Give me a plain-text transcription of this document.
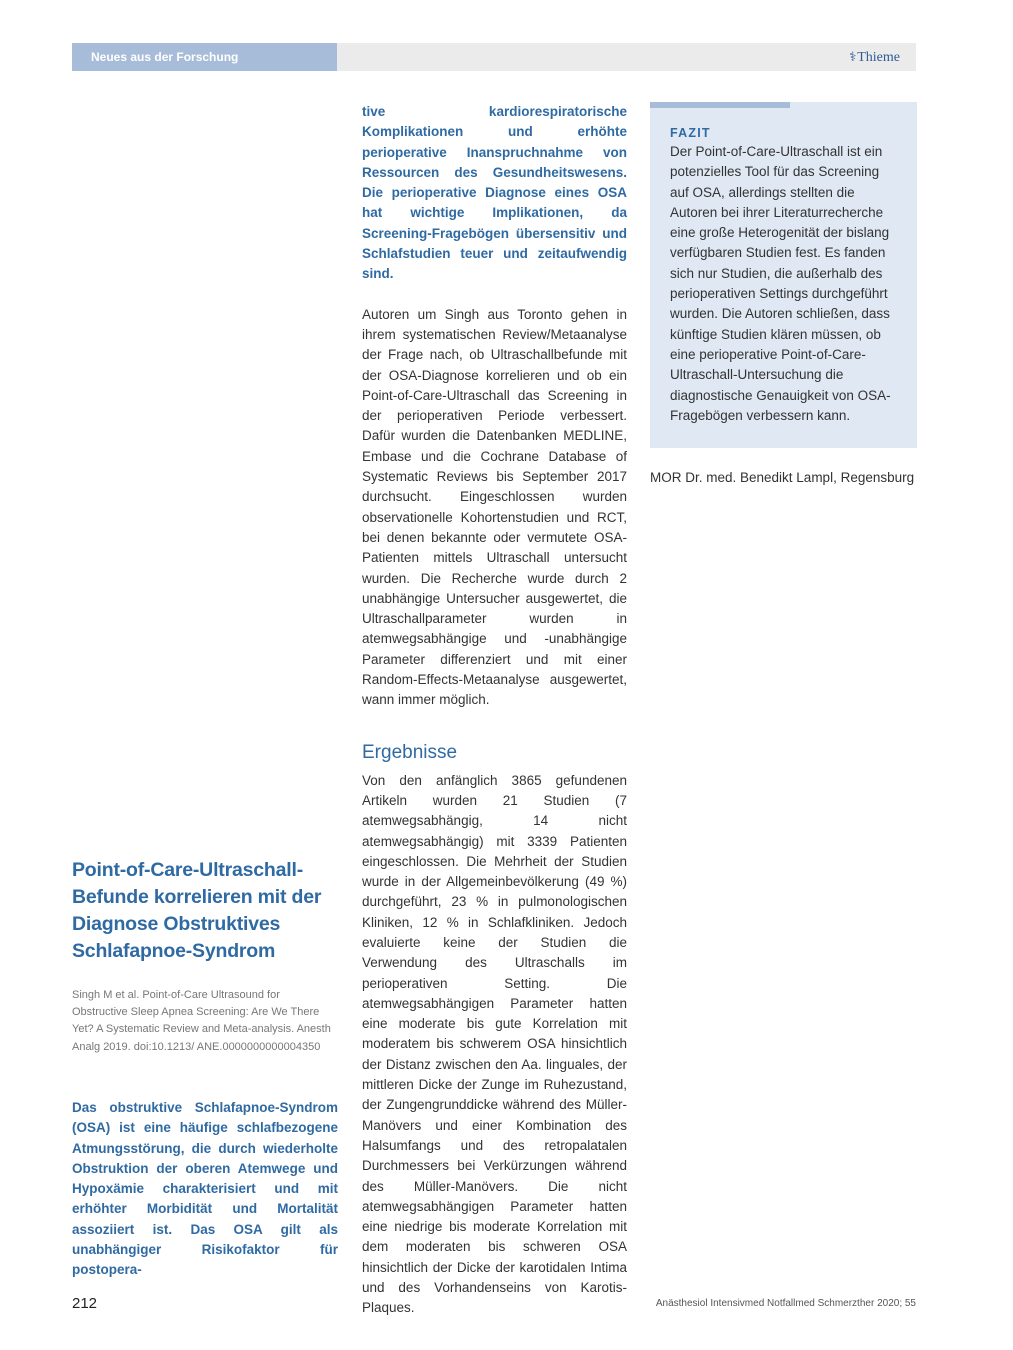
Neues aus der Forschung	⚕Thieme
Point-of-Care-Ultraschall-Befunde korrelieren mit der Diagnose Obstruktives Schlafapnoe-Syndrom

Singh M et al. Point-of-Care Ultrasound for Obstructive Sleep Apnea Screening: Are We There Yet? A Systematic Review and Meta-analysis. Anesth Analg 2019. doi:10.1213/ ANE.0000000000004350

Das obstruktive Schlafapnoe-Syndrom (OSA) ist eine häufige schlafbezogene Atmungsstörung, die durch wiederholte Obstruktion der oberen Atemwege und Hypoxämie charakterisiert und mit erhöhter Morbidität und Mortalität assoziiert ist. Das OSA gilt als unabhängiger Risikofaktor für postopera-

tive kardiorespiratorische Komplikationen und erhöhte perioperative Inanspruchnahme von Ressourcen des Gesundheitswesens. Die perioperative Diagnose eines OSA hat wichtige Implikationen, da Screening-Fragebögen übersensitiv und Schlafstudien teuer und zeitaufwendig sind.

Autoren um Singh aus Toronto gehen in ihrem systematischen Review/Metaanalyse der Frage nach, ob Ultraschallbefunde mit der OSA-Diagnose korrelieren und ob ein Point-of-Care-Ultraschall das Screening in der perioperativen Periode verbessert. Dafür wurden die Datenbanken MEDLINE, Embase und die Cochrane Database of Systematic Reviews bis September 2017 durchsucht. Eingeschlossen wurden observationelle Kohortenstudien und RCT, bei denen bekannte oder vermutete OSA-Patienten mittels Ultraschall untersucht wurden. Die Recherche wurde durch 2 unabhängige Untersucher ausgewertet, die Ultraschallparameter wurden in atemwegsabhängige und -unabhängige Parameter differenziert und mit einer Random-Effects-Metaanalyse ausgewertet, wann immer möglich.

Ergebnisse

Von den anfänglich 3865 gefundenen Artikeln wurden 21 Studien (7 atemwegsabhängig, 14 nicht atemwegsabhängig) mit 3339 Patienten eingeschlossen. Die Mehrheit der Studien wurde in der Allgemeinbevölkerung (49 %) durchgeführt, 23 % in pulmonologischen Kliniken, 12 % in Schlafkliniken. Jedoch evaluierte keine der Studien die Verwendung des Ultraschalls im perioperativen Setting. Die atemwegsabhängigen Parameter hatten eine moderate bis gute Korrelation mit moderatem bis schwerem OSA hinsichtlich der Distanz zwischen den Aa. linguales, der mittleren Dicke der Zunge im Ruhezustand, der Zungengrunddicke während des Müller-Manövers und einer Kombination des Halsumfangs und des retropalatalen Durchmessers bei Verkürzungen während des Müller-Manövers. Die nicht atemwegsabhängigen Parameter hatten eine niedrige bis moderate Korrelation mit dem moderaten bis schweren OSA hinsichtlich der Dicke der karotidalen Intima und des Vorhandenseins von Karotis-Plaques.

FAZIT

Der Point-of-Care-Ultraschall ist ein potenzielles Tool für das Screening auf OSA, allerdings stellten die Autoren bei ihrer Literaturrecherche eine große Heterogenität der bislang verfügbaren Studien fest. Es fanden sich nur Studien, die außerhalb des perioperativen Settings durchgeführt wurden. Die Autoren schließen, dass künftige Studien klären müssen, ob eine perioperative Point-of-Care-Ultraschall-Untersuchung die diagnostische Genauigkeit von OSA-Fragebögen verbessern kann.

MOR Dr. med. Benedikt Lampl, Regensburg

212	Anästhesiol Intensivmed Notfallmed Schmerzther 2020; 55
